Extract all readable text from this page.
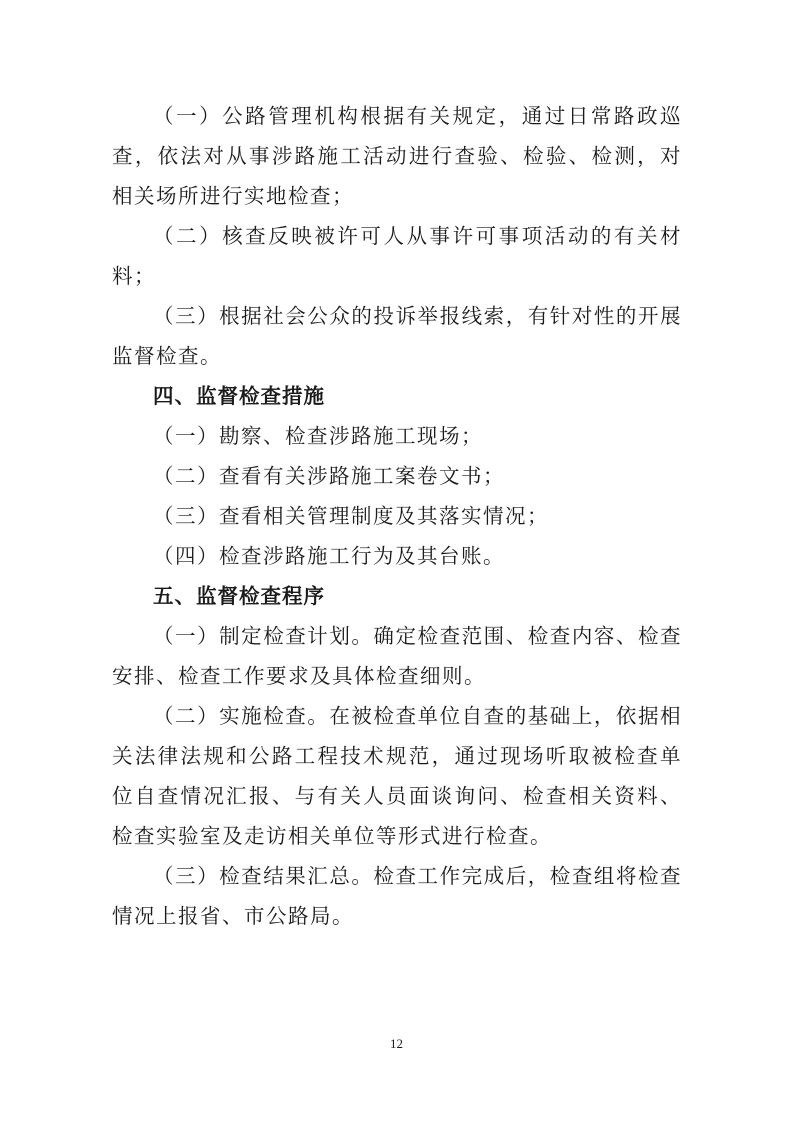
（一）公路管理机构根据有关规定，通过日常路政巡查，依法对从事涉路施工活动进行查验、检验、检测，对相关场所进行实地检查；

（二）核查反映被许可人从事许可事项活动的有关材料；

（三）根据社会公众的投诉举报线索，有针对性的开展监督检查。

四、监督检查措施

（一）勘察、检查涉路施工现场；

（二）查看有关涉路施工案卷文书；

（三）查看相关管理制度及其落实情况；

（四）检查涉路施工行为及其台账。

五、监督检查程序

（一）制定检查计划。确定检查范围、检查内容、检查安排、检查工作要求及具体检查细则。

（二）实施检查。在被检查单位自查的基础上，依据相关法律法规和公路工程技术规范，通过现场听取被检查单位自查情况汇报、与有关人员面谈询问、检查相关资料、检查实验室及走访相关单位等形式进行检查。

（三）检查结果汇总。检查工作完成后，检查组将检查情况上报省、市公路局。

12
